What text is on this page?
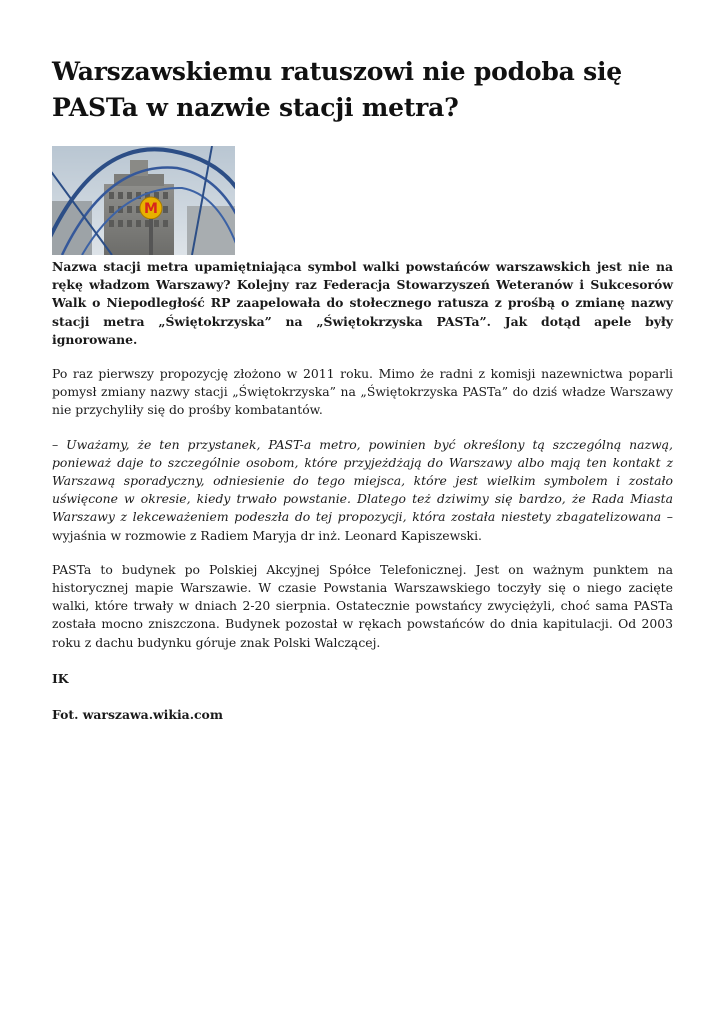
Warszawskiemu ratuszowi nie podoba się PASTa w nazwie stacji metra?
M

Nazwa stacji metra upamiętniająca symbol walki powstańców warszawskich jest nie na rękę władzom Warszawy? Kolejny raz Federacja Stowarzyszeń Weteranów i Sukcesorów Walk o Niepodległość RP zaapelowała do stołecznego ratusza z prośbą o zmianę nazwy stacji metra „Świętokrzyska” na „Świętokrzyska PASTa”. Jak dotąd apele były ignorowane.

Po raz pierwszy propozycję złożono w 2011 roku. Mimo że radni z komisji nazewnictwa poparli pomysł zmiany nazwy stacji „Świętokrzyska” na „Świętokrzyska PASTa” do dziś władze Warszawy nie przychyliły się do prośby kombatantów.

– Uważamy, że ten przystanek, PAST-a metro, powinien być określony tą szczególną nazwą, ponieważ daje to szczególnie osobom, które przyjeżdżają do Warszawy albo mają ten kontakt z Warszawą sporadyczny, odniesienie do tego miejsca, które jest wielkim symbolem i zostało uświęcone w okresie, kiedy trwało powstanie. Dlatego też dziwimy się bardzo, że Rada Miasta Warszawy z lekceważeniem podeszła do tej propozycji, która została niestety zbagatelizowana – wyjaśnia w rozmowie z Radiem Maryja dr inż. Leonard Kapiszewski.

PASTa to budynek po Polskiej Akcyjnej Spółce Telefonicznej. Jest on ważnym punktem na historycznej mapie Warszawie. W czasie Powstania Warszawskiego toczyły się o niego zacięte walki, które trwały w dniach 2-20 sierpnia. Ostatecznie powstańcy zwyciężyli, choć sama PASTa została mocno zniszczona. Budynek pozostał w rękach powstańców do dnia kapitulacji. Od 2003 roku z dachu budynku góruje znak Polski Walczącej.

IK

Fot. warszawa.wikia.com
